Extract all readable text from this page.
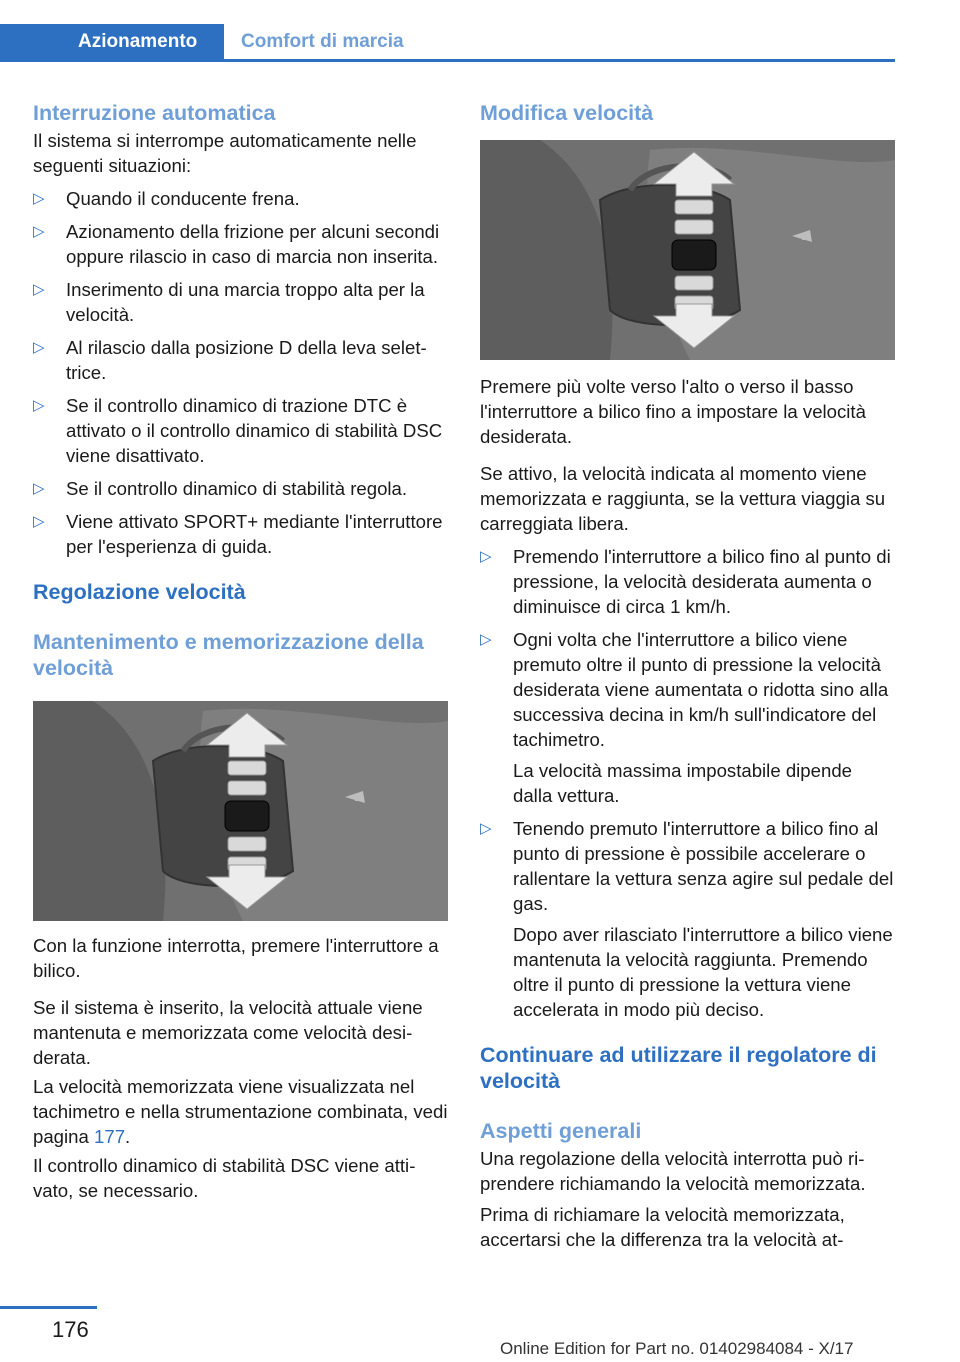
Azionamento	Comfort di marcia
Interruzione automatica

Il sistema si interrompe automaticamente nelle seguenti situazioni:

▷ Quando il conducente frena.
▷ Azionamento della frizione per alcuni secondi oppure rilascio in caso di marcia non inserita.
▷ Inserimento di una marcia troppo alta per la velocità.
▷ Al rilascio dalla posizione D della leva selettrice.
▷ Se il controllo dinamico di trazione DTC è attivato o il controllo dinamico di stabilità DSC viene disattivato.
▷ Se il controllo dinamico di stabilità regola.
▷ Viene attivato SPORT+ mediante l'interruttore per l'esperienza di guida.
Regolazione velocità
Mantenimento e memorizzazione della velocità

Con la funzione interrotta, premere l'interruttore a bilico.

Se il sistema è inserito, la velocità attuale viene mantenuta e memorizzata come velocità desiderata.

La velocità memorizzata viene visualizzata nel tachimetro e nella strumentazione combinata, vedi pagina 177.

Il controllo dinamico di stabilità DSC viene attivato, se necessario.

Modifica velocità

Premere più volte verso l'alto o verso il basso l'interruttore a bilico fino a impostare la velocità desiderata.

Se attivo, la velocità indicata al momento viene memorizzata e raggiunta, se la vettura viaggia su carreggiata libera.

▷ Premendo l'interruttore a bilico fino al punto di pressione, la velocità desiderata aumenta o diminuisce di circa 1 km/h.
▷ Ogni volta che l'interruttore a bilico viene premuto oltre il punto di pressione la velocità desiderata viene aumentata o ridotta sino alla successiva decina in km/h sull'indicatore del tachimetro.
La velocità massima impostabile dipende dalla vettura.
▷ Tenendo premuto l'interruttore a bilico fino al punto di pressione è possibile accelerare o rallentare la vettura senza agire sul pedale del gas.
Dopo aver rilasciato l'interruttore a bilico viene mantenuta la velocità raggiunta. Premendo oltre il punto di pressione la vettura viene accelerata in modo più deciso.
Continuare ad utilizzare il regolatore di velocità
Aspetti generali

Una regolazione della velocità interrotta può riprendere richiamando la velocità memorizzata.

Prima di richiamare la velocità memorizzata, accertarsi che la differenza tra la velocità at-

176
Online Edition for Part no. 01402984084 - X/17
